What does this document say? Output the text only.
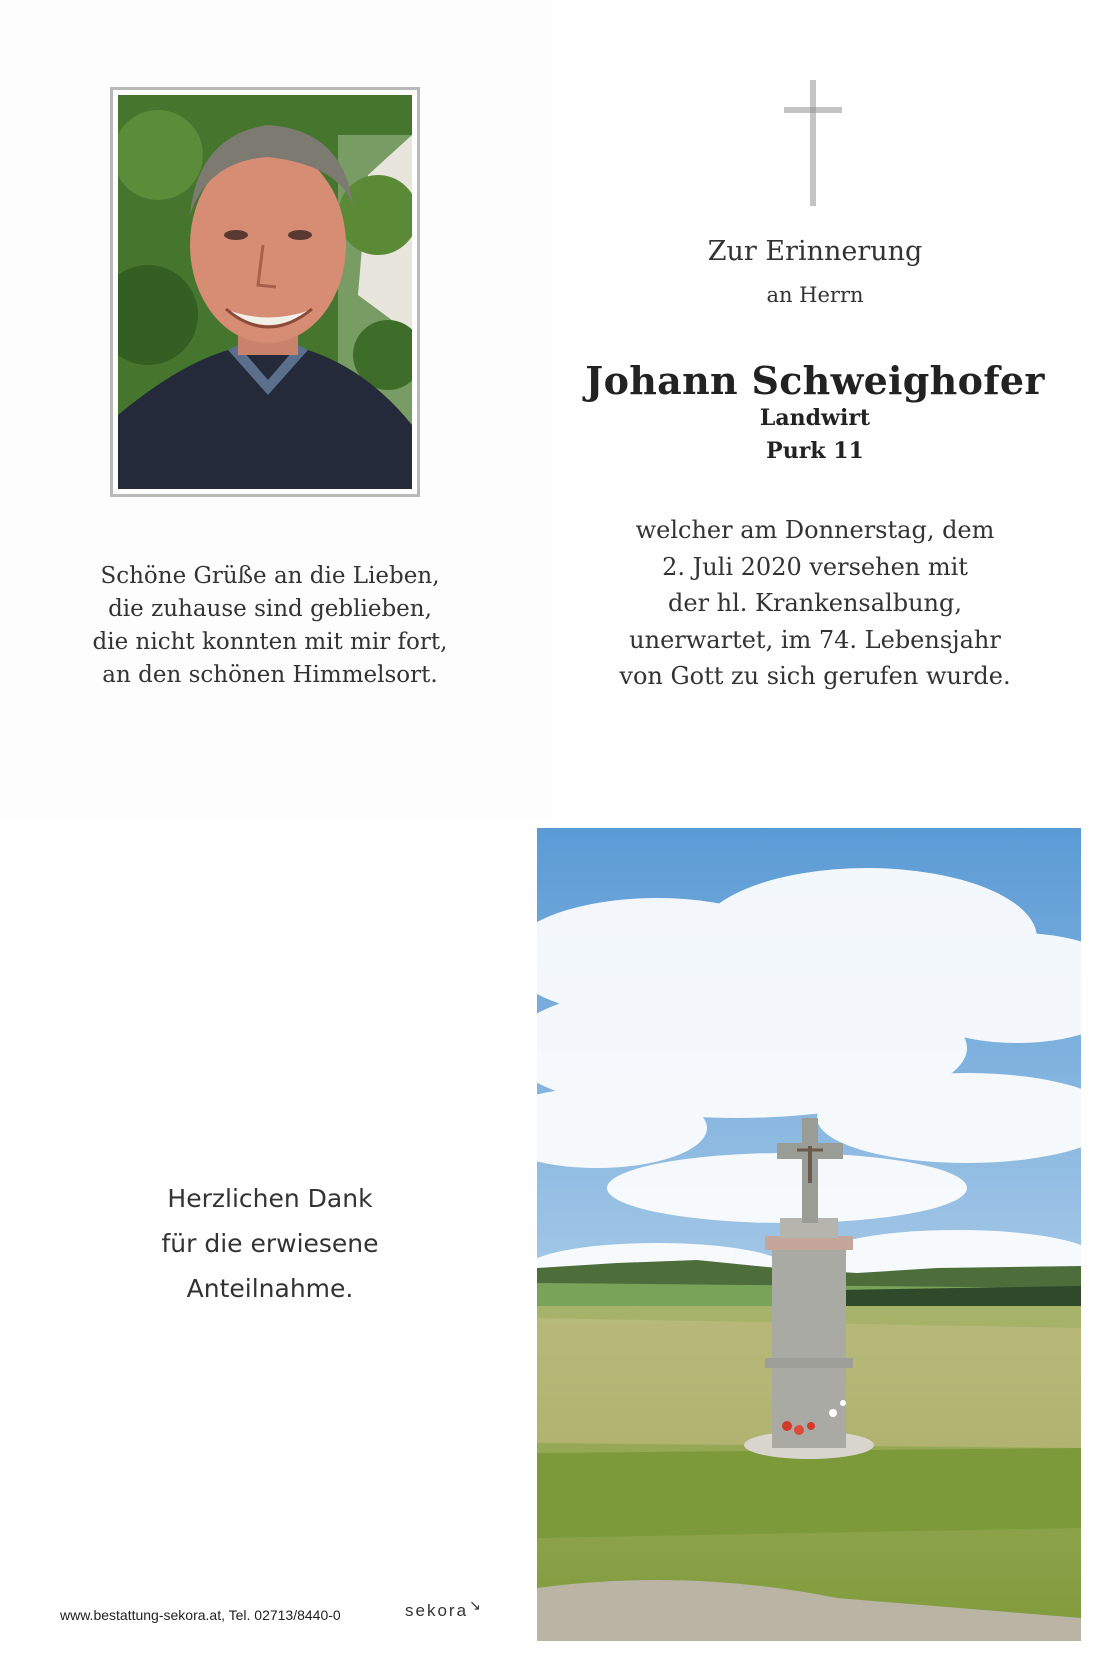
Schöne Grüße an die Lieben,
die zuhause sind geblieben,
die nicht konnten mit mir fort,
an den schönen Himmelsort.
Zur Erinnerung
an Herrn
Johann Schweighofer
Landwirt
Purk 11
welcher am Donnerstag, dem
2. Juli 2020 versehen mit
der hl. Krankensalbung,
unerwartet, im 74. Lebensjahr
von Gott zu sich gerufen wurde.
Herzlichen Dank
für die erwiesene
Anteilnahme.
www.bestattung-sekora.at, Tel. 02713/8440-0	sekora↘
